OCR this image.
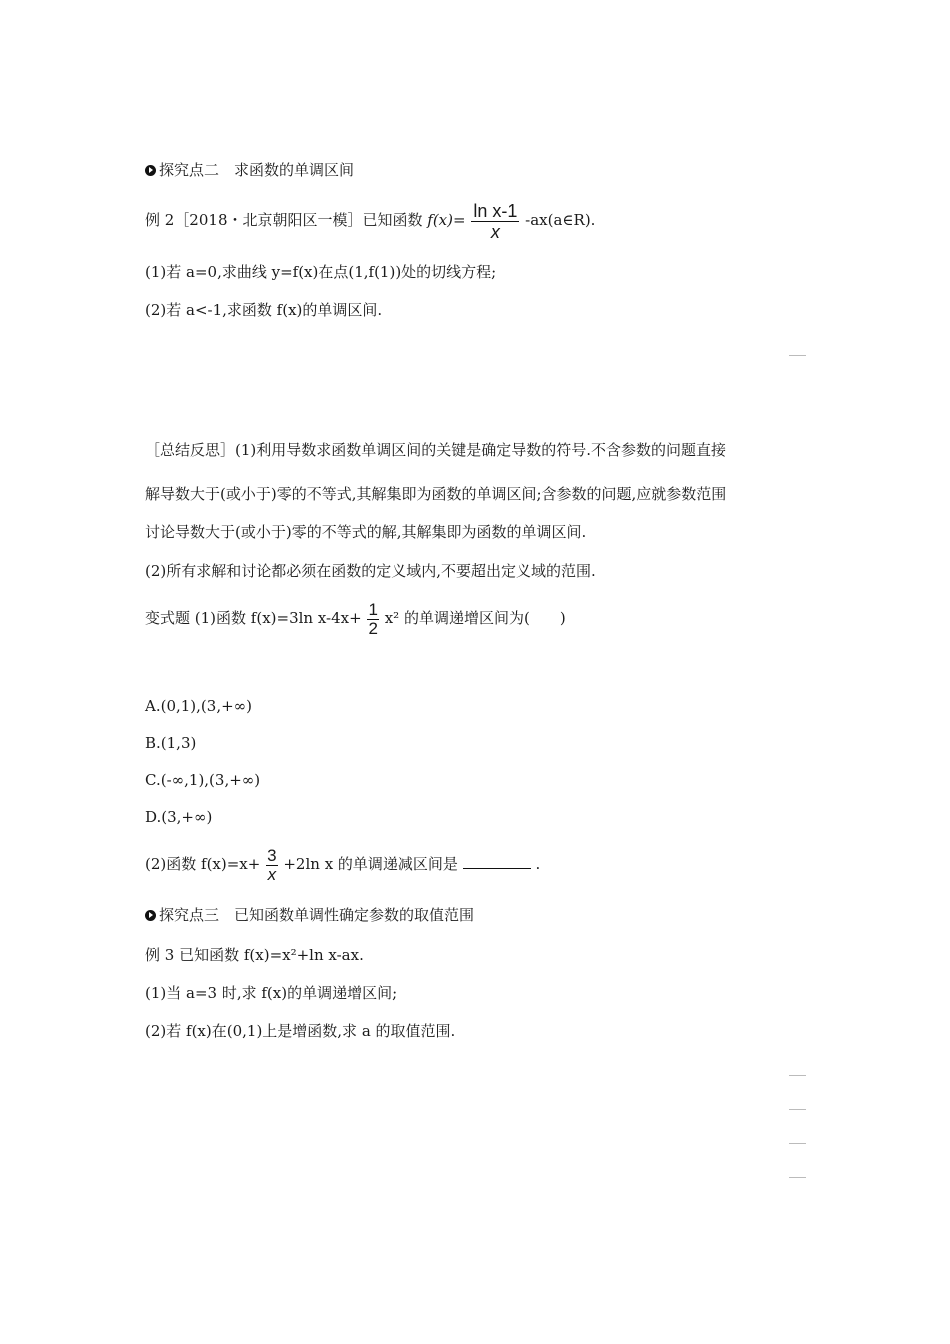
探究点二　求函数的单调区间
例 2［2018・北京朝阳区一模］已知函数 $f(x)= \frac{\text{ln x-1}}{x}$ -ax(a∈R).
(1)若 a=0,求曲线 y=f(x)在点(1,f(1))处的切线方程;
(2)若 a<-1,求函数 f(x)的单调区间.
［总结反思］(1)利用导数求函数单调区间的关键是确定导数的符号.不含参数的问题直接
解导数大于(或小于)零的不等式,其解集即为函数的单调区间;含参数的问题,应就参数范围
讨论导数大于(或小于)零的不等式的解,其解集即为函数的单调区间.
(2)所有求解和讨论都必须在函数的定义域内,不要超出定义域的范围.
变式题 (1)函数 f(x)=3ln $x-4x+ \frac{1}{2} x^2$ 的单调递增区间为(　　)
A.(0,1),(3,+∞)
B.(1,3)
C.(-∞,1),(3,+∞)
D.(3,+∞)
(2)函数 $f(x)=x+ \frac{3}{x} +2\ln$ x 的单调递减区间是	.
探究点三　已知函数单调性确定参数的取值范围
例 3 已知函数 f(x)=x²+ln x-ax.
(1)当 a=3 时,求 f(x)的单调递增区间;
(2)若 f(x)在(0,1)上是增函数,求 a 的取值范围.
